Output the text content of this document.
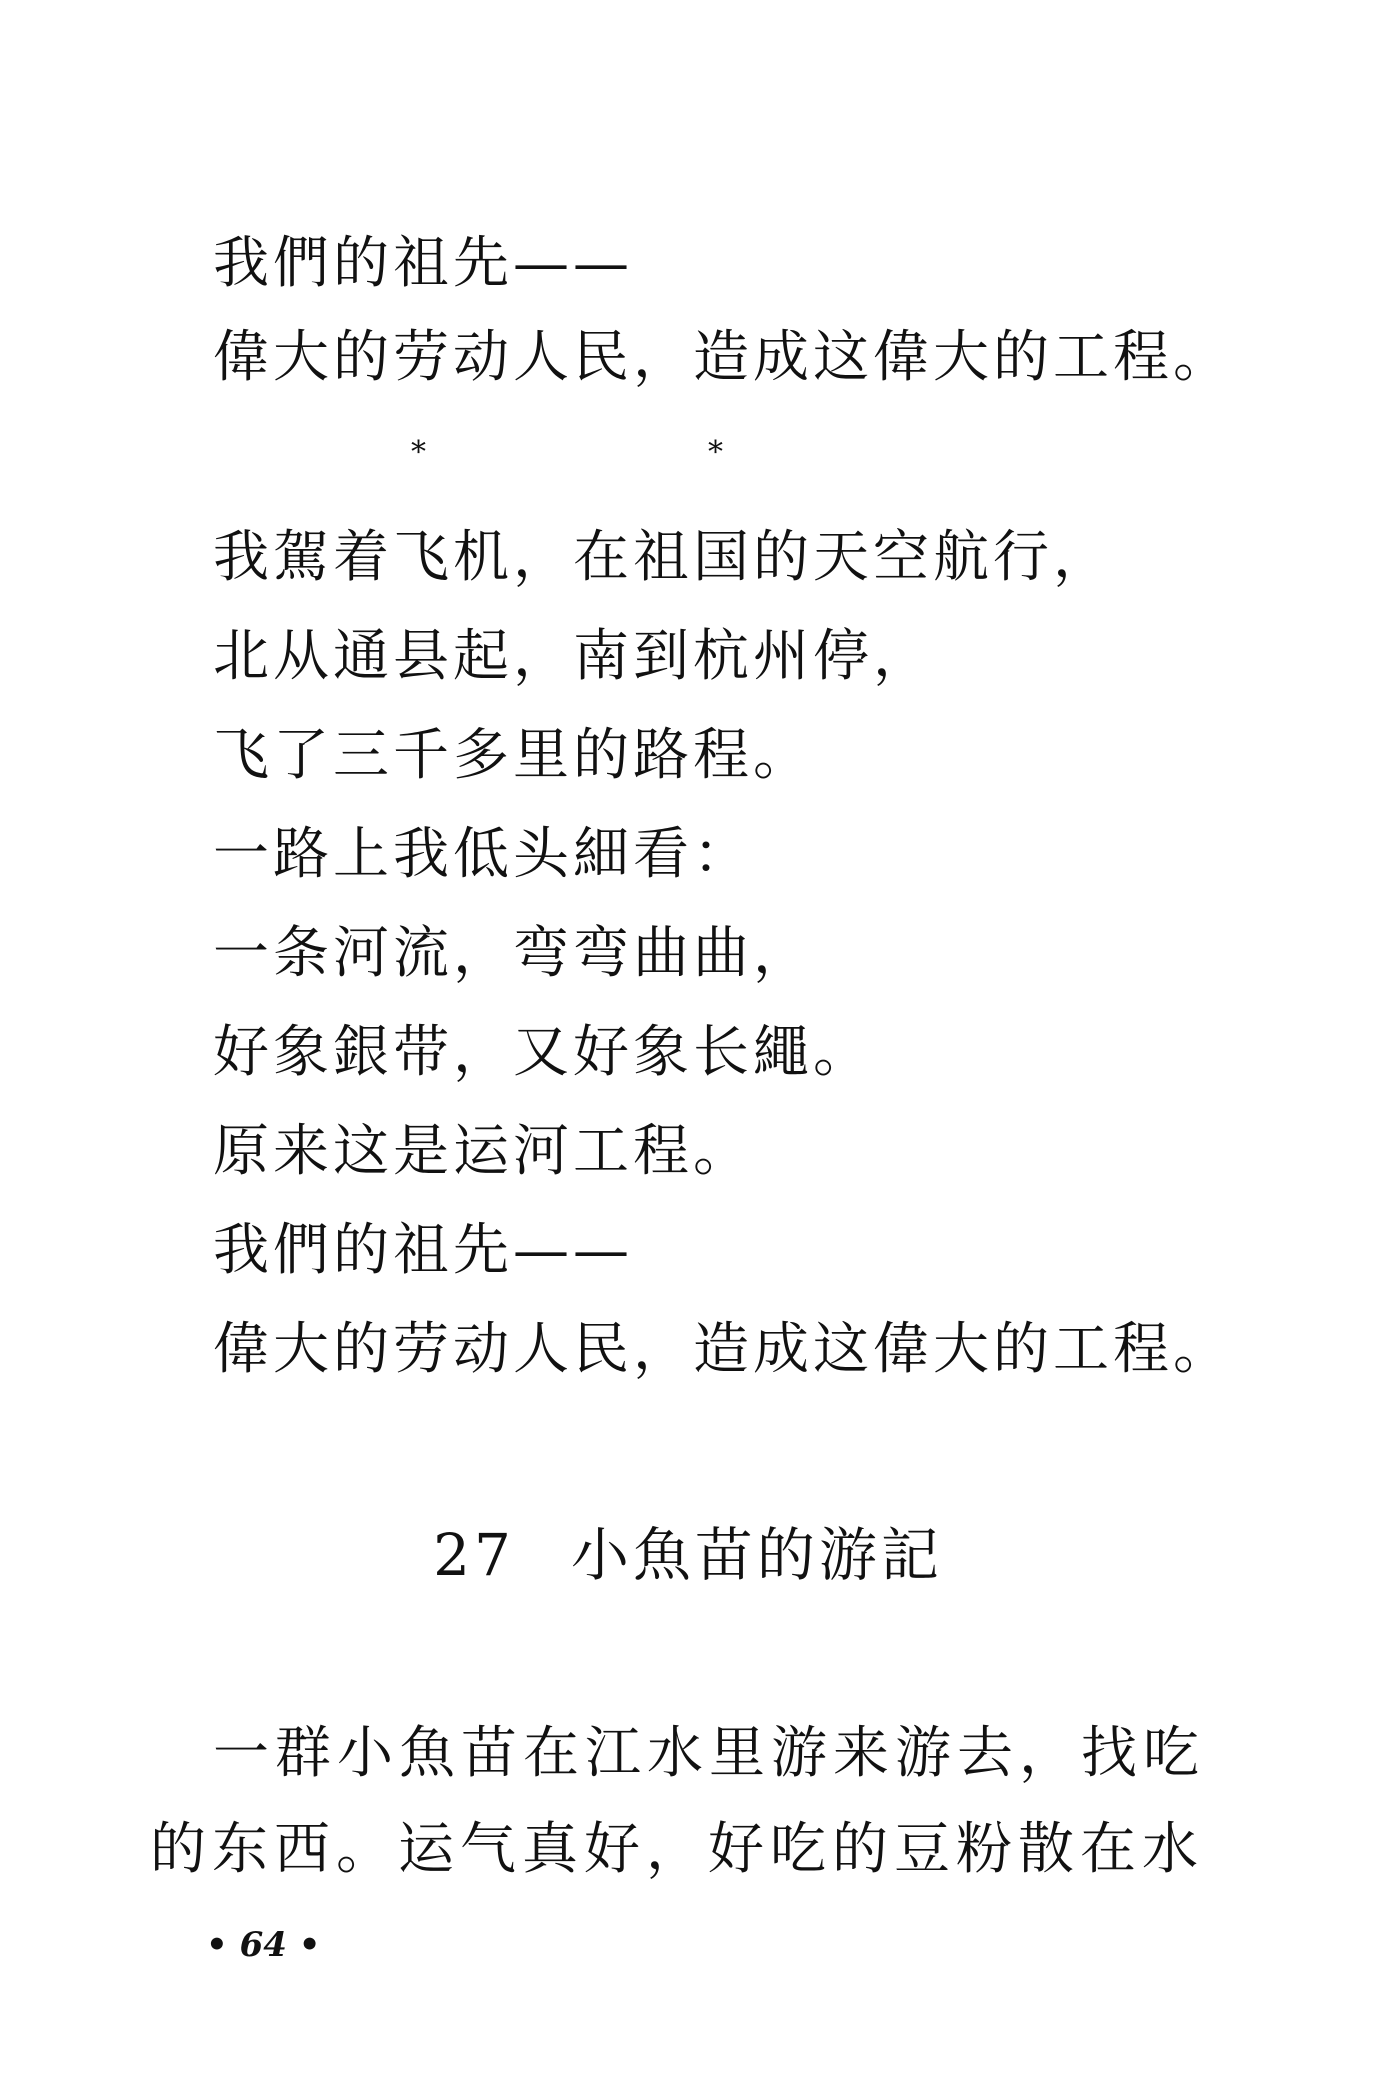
我們的祖先——
偉大的劳动人民，造成这偉大的工程。
*	*
我駕着飞机，在祖国的天空航行，
北从通县起，南到杭州停，
飞了三千多里的路程。
一路上我低头細看：
一条河流，弯弯曲曲，
好象銀带，又好象长繩。
原来这是运河工程。
我們的祖先——
偉大的劳动人民，造成这偉大的工程。
27 小魚苗的游記
一群小魚苗在江水里游来游去，找吃
的东西。运气真好，好吃的豆粉散在水
• 64 •
